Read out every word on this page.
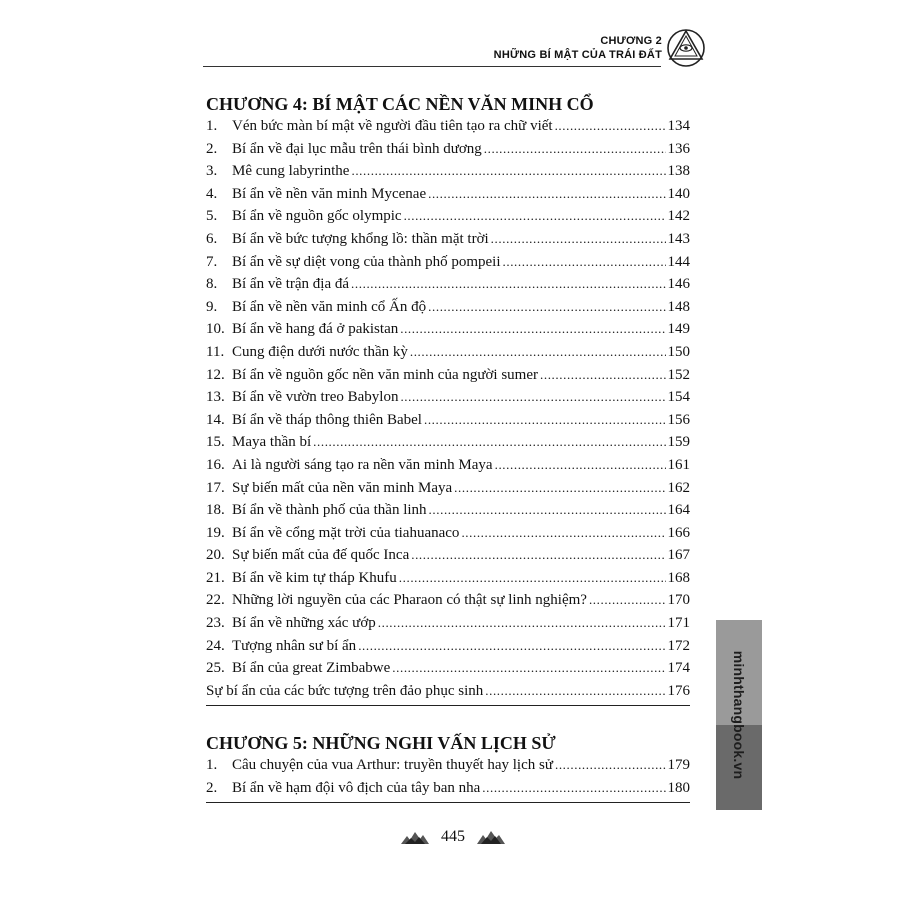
CHƯƠNG 2
NHỮNG BÍ MẬT CỦA TRÁI ĐẤT
CHƯƠNG 4: BÍ MẬT CÁC NỀN VĂN MINH CỔ
1. Vén bức màn bí mật về người đầu tiên tạo ra chữ viết .....	134
2. Bí ẩn về đại lục mẫu trên thái bình dương .....	136
3. Mê cung labyrinthe .....	138
4. Bí ẩn về nền văn minh Mycenae .....	140
5. Bí ẩn về nguồn gốc olympic .....	142
6. Bí ẩn về bức tượng khổng lồ: thần mặt trời .....	143
7. Bí ẩn về sự diệt vong của thành phố pompeii .....	144
8. Bí ẩn về trận địa đá .....	146
9. Bí ẩn về nền văn minh cổ Ấn độ .....	148
10. Bí ẩn về hang đá ở pakistan .....	149
11. Cung điện dưới nước thần kỳ .....	150
12. Bí ẩn về nguồn gốc nền văn minh của người sumer .....	152
13. Bí ẩn về vườn treo Babylon .....	154
14. Bí ẩn về tháp thông thiên Babel .....	156
15. Maya thần bí .....	159
16. Ai là người sáng tạo ra nền văn minh Maya .....	161
17. Sự biến mất của nền văn minh Maya .....	162
18. Bí ẩn về thành phố của thần linh .....	164
19. Bí ẩn về cổng mặt trời của tiahuanaco .....	166
20. Sự biến mất của đế quốc Inca .....	167
21. Bí ẩn về kim tự tháp Khufu .....	168
22. Những lời nguyền của các Pharaon có thật sự linh nghiệm? .....	170
23. Bí ẩn về những xác ướp .....	171
24. Tượng nhân sư bí ẩn .....	172
25. Bí ẩn của great Zimbabwe .....	174
Sự bí ẩn của các bức tượng trên đảo phục sinh .....	176
CHƯƠNG 5: NHỮNG NGHI VẤN LỊCH SỬ
1. Câu chuyện của vua Arthur: truyền thuyết hay lịch sử .....	179
2. Bí ẩn về hạm đội vô địch của tây ban nha .....	180
minhthangbook.vn
445
